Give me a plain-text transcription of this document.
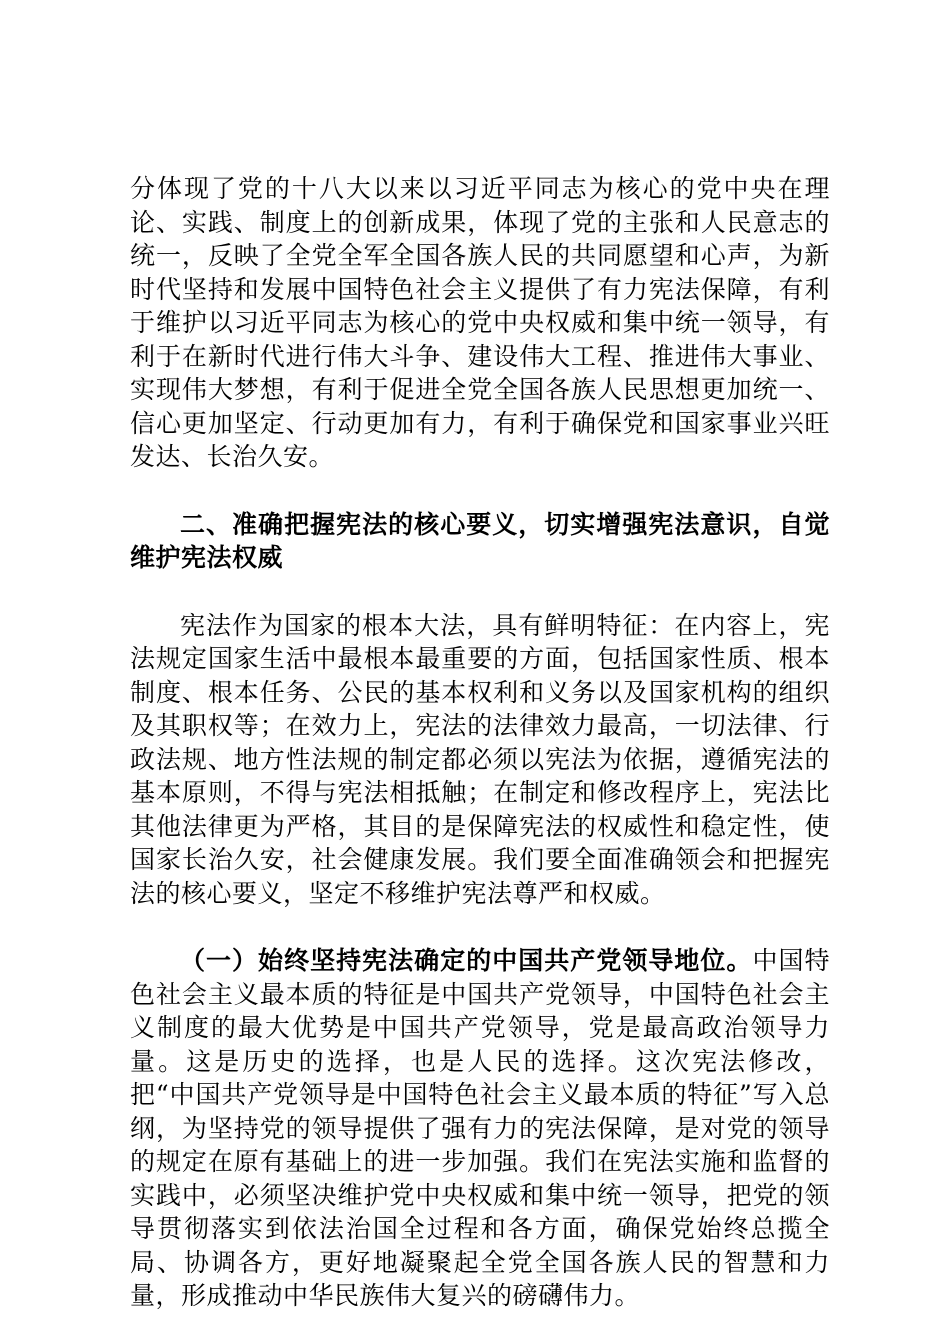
分体现了党的十八大以来以习近平同志为核心的党中央在理论、实践、制度上的创新成果，体现了党的主张和人民意志的统一，反映了全党全军全国各族人民的共同愿望和心声，为新时代坚持和发展中国特色社会主义提供了有力宪法保障，有利于维护以习近平同志为核心的党中央权威和集中统一领导，有利于在新时代进行伟大斗争、建设伟大工程、推进伟大事业、实现伟大梦想，有利于促进全党全国各族人民思想更加统一、信心更加坚定、行动更加有力，有利于确保党和国家事业兴旺发达、长治久安。

二、准确把握宪法的核心要义，切实增强宪法意识，自觉维护宪法权威

宪法作为国家的根本大法，具有鲜明特征：在内容上，宪法规定国家生活中最根本最重要的方面，包括国家性质、根本制度、根本任务、公民的基本权利和义务以及国家机构的组织及其职权等；在效力上，宪法的法律效力最高，一切法律、行政法规、地方性法规的制定都必须以宪法为依据，遵循宪法的基本原则，不得与宪法相抵触；在制定和修改程序上，宪法比其他法律更为严格，其目的是保障宪法的权威性和稳定性，使国家长治久安，社会健康发展。我们要全面准确领会和把握宪法的核心要义，坚定不移维护宪法尊严和权威。

（一）始终坚持宪法确定的中国共产党领导地位。中国特色社会主义最本质的特征是中国共产党领导，中国特色社会主义制度的最大优势是中国共产党领导，党是最高政治领导力量。这是历史的选择，也是人民的选择。这次宪法修改，把“中国共产党领导是中国特色社会主义最本质的特征”写入总纲，为坚持党的领导提供了强有力的宪法保障，是对党的领导的规定在原有基础上的进一步加强。我们在宪法实施和监督的实践中，必须坚决维护党中央权威和集中统一领导，把党的领导贯彻落实到依法治国全过程和各方面，确保党始终总揽全局、协调各方，更好地凝聚起全党全国各族人民的智慧和力量，形成推动中华民族伟大复兴的磅礴伟力。
